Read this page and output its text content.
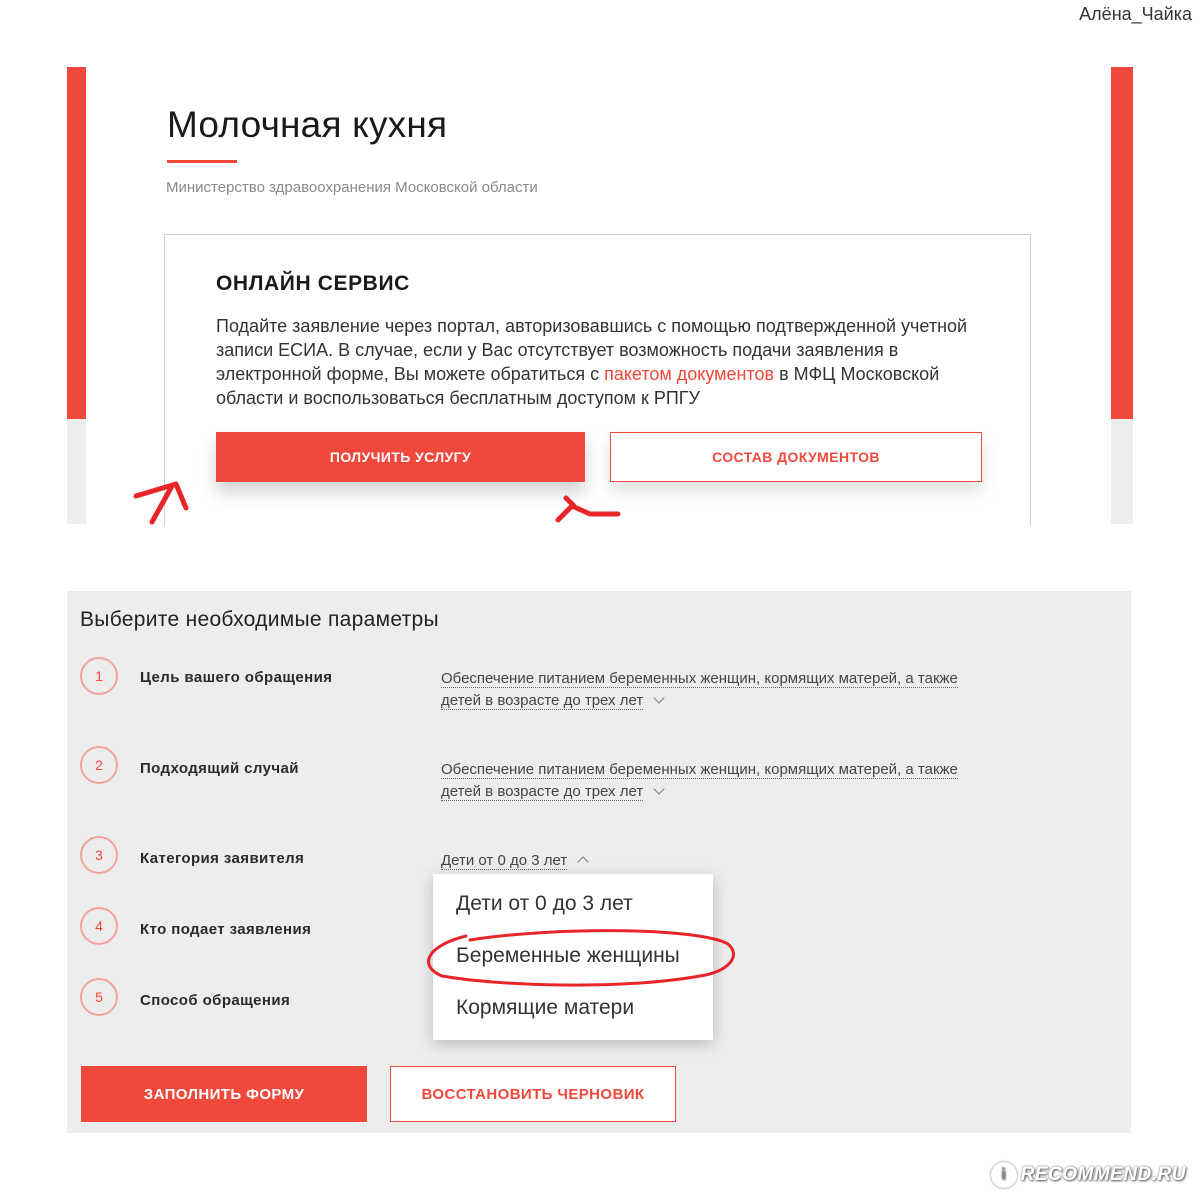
Алёна_Чайка
Молочная кухня
Министерство здравоохранения Московской области
ОНЛАЙН СЕРВИС

Подайте заявление через портал, авторизовавшись с помощью подтвержденной учетной записи ЕСИА. В случае, если у Вас отсутствует возможность подачи заявления в электронной форме, Вы можете обратиться с пакетом документов в МФЦ Московской области и воспользоваться бесплатным доступом к РПГУ

ПОЛУЧИТЬ УСЛУГУ	СОСТАВ ДОКУМЕНТОВ
Выберите необходимые параметры
1 Цель вашего обращения	Обеспечение питанием беременных женщин, кормящих матерей, а также
детей в возрасте до трех лет
2 Подходящий случай	Обеспечение питанием беременных женщин, кормящих матерей, а также
детей в возрасте до трех лет
3 Категория заявителя	Дети от 0 до 3 лет
4 Кто подает заявления
5 Способ обращения
Дети от 0 до 3 лет
Беременные женщины
Кормящие матери
ЗАПОЛНИТЬ ФОРМУ	ВОССТАНОВИТЬ ЧЕРНОВИК
i RECOMMEND.RU
